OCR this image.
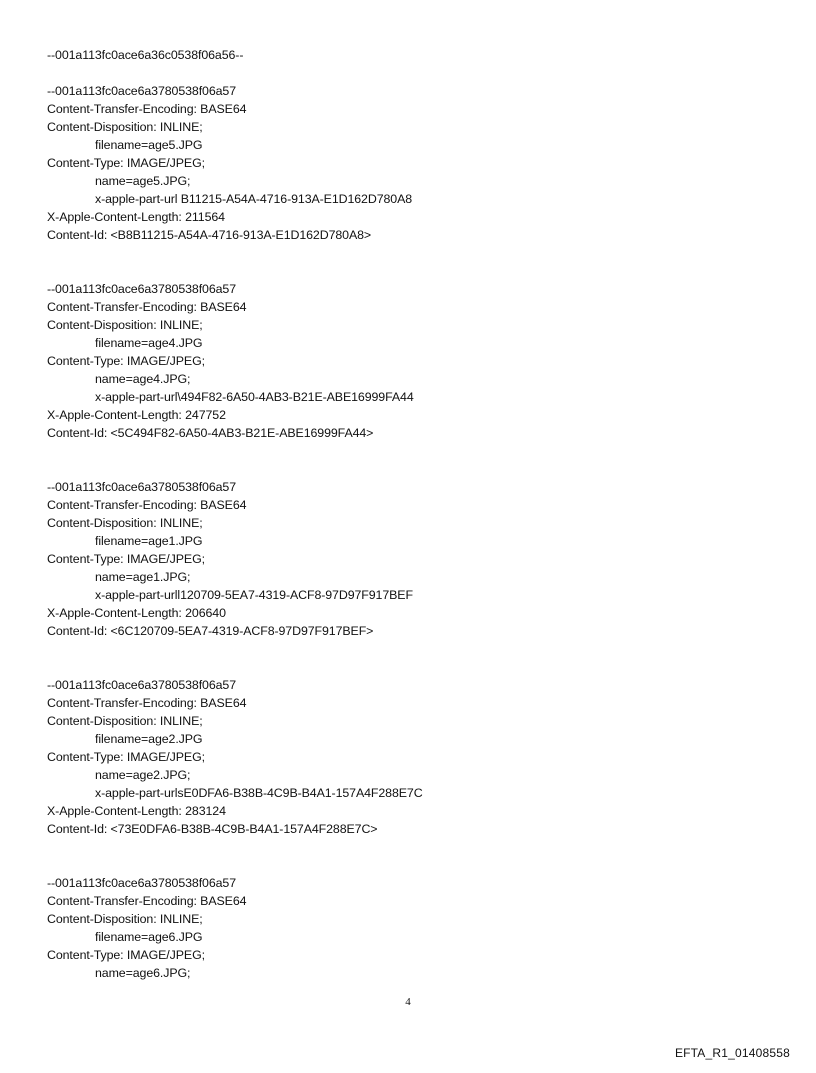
--001a113fc0ace6a36c0538f06a56--
--001a113fc0ace6a3780538f06a57
Content-Transfer-Encoding: BASE64
Content-Disposition: INLINE;
filename=age5.JPG
Content-Type: IMAGE/JPEG;
name=age5.JPG;
x-apple-part-url B11215-A54A-4716-913A-E1D162D780A8
X-Apple-Content-Length: 211564
Content-Id: <B8B11215-A54A-4716-913A-E1D162D780A8>
--001a113fc0ace6a3780538f06a57
Content-Transfer-Encoding: BASE64
Content-Disposition: INLINE;
filename=age4.JPG
Content-Type: IMAGE/JPEG;
name=age4.JPG;
x-apple-part-url\494F82-6A50-4AB3-B21E-ABE16999FA44
X-Apple-Content-Length: 247752
Content-Id: <5C494F82-6A50-4AB3-B21E-ABE16999FA44>
--001a113fc0ace6a3780538f06a57
Content-Transfer-Encoding: BASE64
Content-Disposition: INLINE;
filename=age1.JPG
Content-Type: IMAGE/JPEG;
name=age1.JPG;
x-apple-part-urll120709-5EA7-4319-ACF8-97D97F917BEF
X-Apple-Content-Length: 206640
Content-Id: <6C120709-5EA7-4319-ACF8-97D97F917BEF>
--001a113fc0ace6a3780538f06a57
Content-Transfer-Encoding: BASE64
Content-Disposition: INLINE;
filename=age2.JPG
Content-Type: IMAGE/JPEG;
name=age2.JPG;
x-apple-part-urlsE0DFA6-B38B-4C9B-B4A1-157A4F288E7C
X-Apple-Content-Length: 283124
Content-Id: <73E0DFA6-B38B-4C9B-B4A1-157A4F288E7C>
--001a113fc0ace6a3780538f06a57
Content-Transfer-Encoding: BASE64
Content-Disposition: INLINE;
filename=age6.JPG
Content-Type: IMAGE/JPEG;
name=age6.JPG;
4
EFTA_R1_01408558
